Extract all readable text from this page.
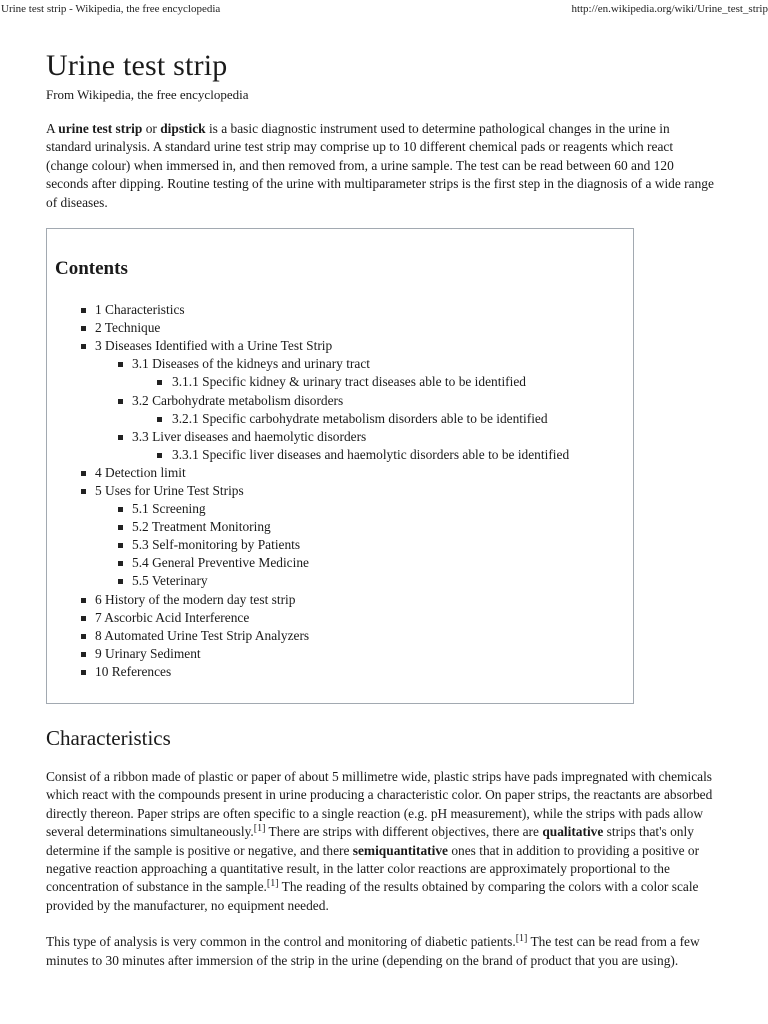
Urine test strip - Wikipedia, the free encyclopedia	http://en.wikipedia.org/wiki/Urine_test_strip
Urine test strip
From Wikipedia, the free encyclopedia

A urine test strip or dipstick is a basic diagnostic instrument used to determine pathological changes in the urine in standard urinalysis. A standard urine test strip may comprise up to 10 different chemical pads or reagents which react (change colour) when immersed in, and then removed from, a urine sample. The test can be read between 60 and 120 seconds after dipping. Routine testing of the urine with multiparameter strips is the first step in the diagnosis of a wide range of diseases.

Contents
1 Characteristics
2 Technique
3 Diseases Identified with a Urine Test Strip
3.1 Diseases of the kidneys and urinary tract
3.1.1 Specific kidney & urinary tract diseases able to be identified
3.2 Carbohydrate metabolism disorders
3.2.1 Specific carbohydrate metabolism disorders able to be identified
3.3 Liver diseases and haemolytic disorders
3.3.1 Specific liver diseases and haemolytic disorders able to be identified
4 Detection limit
5 Uses for Urine Test Strips
5.1 Screening
5.2 Treatment Monitoring
5.3 Self-monitoring by Patients
5.4 General Preventive Medicine
5.5 Veterinary
6 History of the modern day test strip
7 Ascorbic Acid Interference
8 Automated Urine Test Strip Analyzers
9 Urinary Sediment
10 References
Characteristics

Consist of a ribbon made of plastic or paper of about 5 millimetre wide, plastic strips have pads impregnated with chemicals which react with the compounds present in urine producing a characteristic color. On paper strips, the reactants are absorbed directly thereon. Paper strips are often specific to a single reaction (e.g. pH measurement), while the strips with pads allow several determinations simultaneously.[1] There are strips with different objectives, there are qualitative strips that's only determine if the sample is positive or negative, and there semiquantitative ones that in addition to providing a positive or negative reaction approaching a quantitative result, in the latter color reactions are approximately proportional to the concentration of substance in the sample.[1] The reading of the results obtained by comparing the colors with a color scale provided by the manufacturer, no equipment needed.

This type of analysis is very common in the control and monitoring of diabetic patients.[1] The test can be read from a few minutes to 30 minutes after immersion of the strip in the urine (depending on the brand of product that you are using).
